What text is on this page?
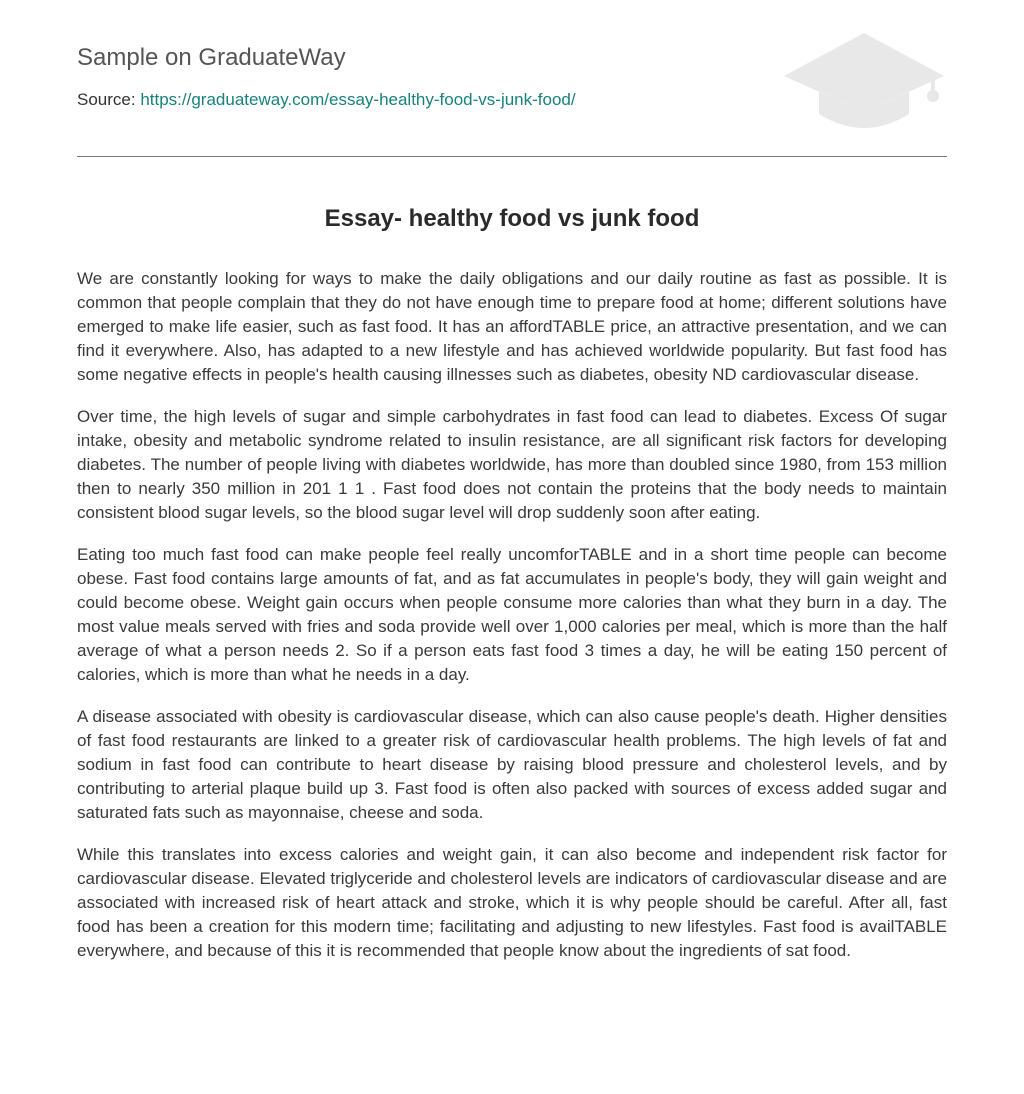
Sample on GraduateWay
Source: https://graduateway.com/essay-healthy-food-vs-junk-food/
Essay- healthy food vs junk food

We are constantly looking for ways to make the daily obligations and our daily routine as fast as possible. It is common that people complain that they do not have enough time to prepare food at home; different solutions have emerged to make life easier, such as fast food. It has an affordTABLE price, an attractive presentation, and we can find it everywhere. Also, has adapted to a new lifestyle and has achieved worldwide popularity. But fast food has some negative effects in people's health causing illnesses such as diabetes, obesity ND cardiovascular disease.

Over time, the high levels of sugar and simple carbohydrates in fast food can lead to diabetes. Excess Of sugar intake, obesity and metabolic syndrome related to insulin resistance, are all significant risk factors for developing diabetes. The number of people living with diabetes worldwide, has more than doubled since 1980, from 153 million then to nearly 350 million in 201 1 1 . Fast food does not contain the proteins that the body needs to maintain consistent blood sugar levels, so the blood sugar level will drop suddenly soon after eating.

Eating too much fast food can make people feel really uncomforTABLE and in a short time people can become obese. Fast food contains large amounts of fat, and as fat accumulates in people's body, they will gain weight and could become obese. Weight gain occurs when people consume more calories than what they burn in a day. The most value meals served with fries and soda provide well over 1,000 calories per meal, which is more than the half average of what a person needs 2. So if a person eats fast food 3 times a day, he will be eating 150 percent of calories, which is more than what he needs in a day.

A disease associated with obesity is cardiovascular disease, which can also cause people's death. Higher densities of fast food restaurants are linked to a greater risk of cardiovascular health problems. The high levels of fat and sodium in fast food can contribute to heart disease by raising blood pressure and cholesterol levels, and by contributing to arterial plaque build up 3. Fast food is often also packed with sources of excess added sugar and saturated fats such as mayonnaise, cheese and soda.

While this translates into excess calories and weight gain, it can also become and independent risk factor for cardiovascular disease. Elevated triglyceride and cholesterol levels are indicators of cardiovascular disease and are associated with increased risk of heart attack and stroke, which it is why people should be careful. After all, fast food has been a creation for this modern time; facilitating and adjusting to new lifestyles. Fast food is availTABLE everywhere, and because of this it is recommended that people know about the ingredients of sat food.
